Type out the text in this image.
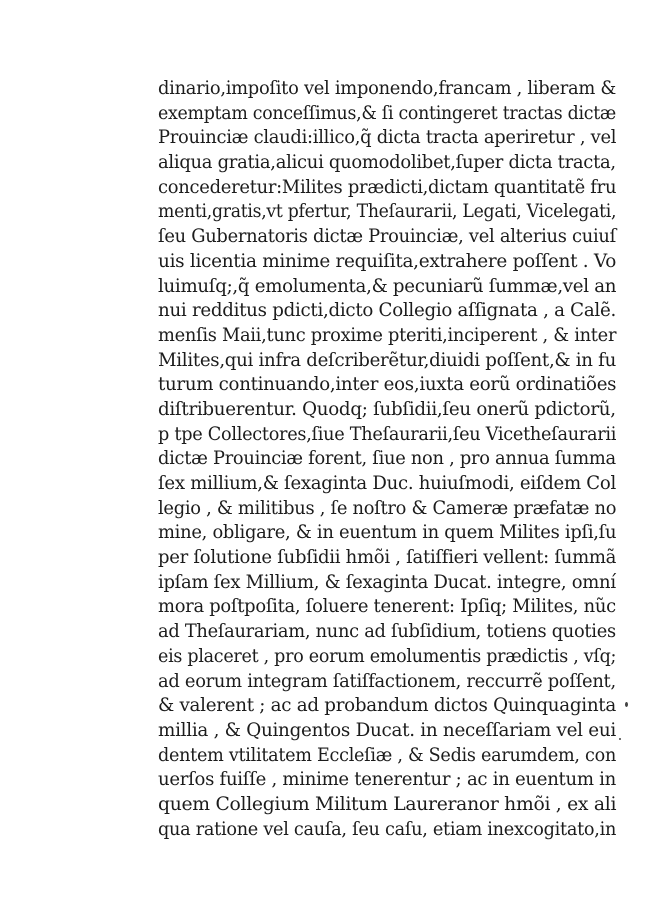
dinario,impoſito vel imponendo,francam , liberam &
exemptam conceſſimus,& ſi contingeret tractas dictæ
Prouinciæ claudi:illico,q̃ dicta tracta aperiretur , vel
aliqua gratia,alicui quomodolibet,ſuper dicta tracta,
concederetur:Milites prædicti,dictam quantitatẽ fru
menti,gratis,vt pfertur, Theſaurarii, Legati, Vicelegati,
ſeu Gubernatoris dictæ Prouinciæ, vel alterius cuiuſ
uis licentia minime requiſita,extrahere poſſent . Vo
luimuſq;,q̃ emolumenta,& pecuniarũ ſummæ,vel an
nui redditus pdicti,dicto Collegio aſſignata , a Calẽ.
menſis Maii,tunc proxime pteriti,inciperent , & inter
Milites,qui infra deſcriberẽtur,diuidi poſſent,& in fu
turum continuando,inter eos,iuxta eorũ ordinatiões
diſtribuerentur. Quodq; ſubſidii,ſeu onerũ pdictorũ,
p tpe Collectores,ſiue Theſaurarii,ſeu Vicetheſaurarii
dictæ Prouinciæ forent, ſiue non , pro annua ſumma
ſex millium,& ſexaginta Duc. huiuſmodi, eiſdem Col
legio , & militibus , ſe noſtro & Cameræ præfatæ no
mine, obligare, & in euentum in quem Milites ipſi,ſu
per ſolutione ſubſidii hmõi , ſatiſfieri vellent: ſummã
ipſam ſex Millium, & ſexaginta Ducat. integre, omní
mora poſtpoſita, ſoluere tenerent: Ipſiq; Milites, nũc
ad Theſaurariam, nunc ad ſubſidium, totiens quoties
eis placeret , pro eorum emolumentis prædictis , vſq;
ad eorum integram ſatiſfactionem, reccurrẽ poſſent,
& valerent ; ac ad probandum dictos Quinquaginta
millia , & Quingentos Ducat. in neceſſariam vel eui
dentem vtilitatem Eccleſiæ , & Sedis earumdem, con
uerſos fuiſſe , minime tenerentur ; ac in euentum in
quem Collegium Militum Laureranor hmõi , ex ali
qua ratione vel cauſa, ſeu caſu, etiam inexcogitato,in
